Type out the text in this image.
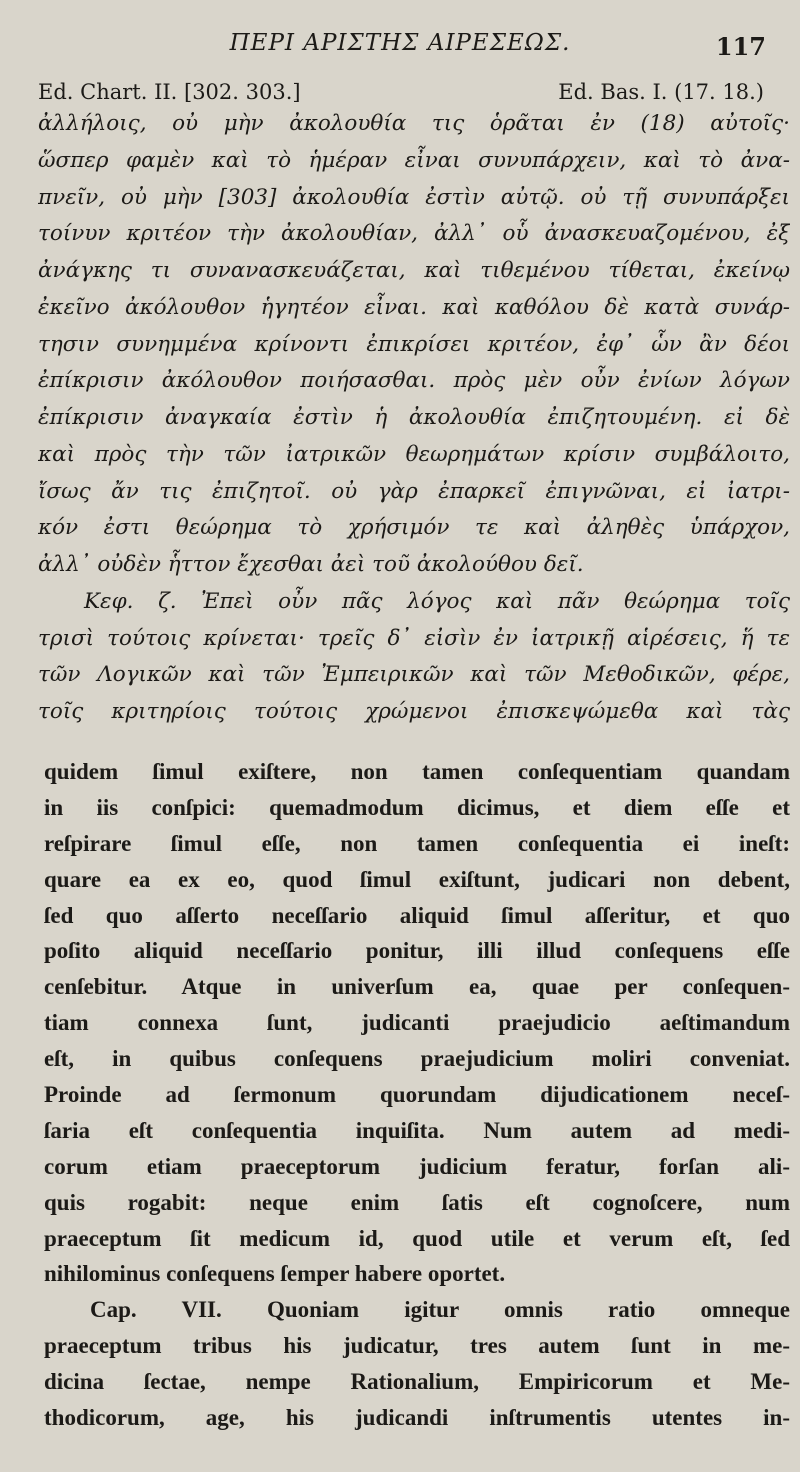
ΠΕΡΙ ΑΡΙΣΤΗΣ ΑΙΡΕΣΕΩΣ.	117
Ed. Chart. II. [302. 303.]	Ed. Bas. I. (17. 18.)
ἀλλήλοις, οὐ μὴν ἀκολουθία τις ὁρᾶται ἐν (18) αὐτοῖς·
ὥσπερ φαμὲν καὶ τὸ ἡμέραν εἶναι συνυπάρχειν, καὶ τὸ ἀνα-
πνεῖν, οὐ μὴν [303] ἀκολουθία ἐστὶν αὐτῷ. οὐ τῇ συνυπάρξει
τοίνυν κριτέον τὴν ἀκολουθίαν, ἀλλ᾽ οὗ ἀνασκευαζομένου, ἐξ
ἀνάγκης τι συνανασκευάζεται, καὶ τιθεμένου τίθεται, ἐκείνῳ
ἐκεῖνο ἀκόλουθον ἡγητέον εἶναι. καὶ καθόλου δὲ κατὰ συνάρ-
τησιν συνημμένα κρίνοντι ἐπικρίσει κριτέον, ἐφ᾽ ὧν ἂν δέοι
ἐπίκρισιν ἀκόλουθον ποιήσασθαι. πρὸς μὲν οὖν ἐνίων λόγων
ἐπίκρισιν ἀναγκαία ἐστὶν ἡ ἀκολουθία ἐπιζητουμένη. εἰ δὲ
καὶ πρὸς τὴν τῶν ἰατρικῶν θεωρημάτων κρίσιν συμβάλοιτο,
ἴσως ἄν τις ἐπιζητοῖ. οὐ γὰρ ἐπαρκεῖ ἐπιγνῶναι, εἰ ἰατρι-
κόν ἐστι θεώρημα τὸ χρήσιμόν τε καὶ ἀληθὲς ὑπάρχον,
ἀλλ᾽ οὐδὲν ἧττον ἔχεσθαι ἀεὶ τοῦ ἀκολούθου δεῖ.
Κεφ. ζ. Ἐπεὶ οὖν πᾶς λόγος καὶ πᾶν θεώρημα τοῖς
τρισὶ τούτοις κρίνεται· τρεῖς δ᾽ εἰσὶν ἐν ἰατρικῇ αἱρέσεις, ἥ τε
τῶν Λογικῶν καὶ τῶν Ἐμπειρικῶν καὶ τῶν Μεθοδικῶν, φέρε,
τοῖς κριτηρίοις τούτοις χρώμενοι ἐπισκεψώμεθα καὶ τὰς
quidem ſimul exiſtere, non tamen conſequentiam quandam
in iis conſpici: quemadmodum dicimus, et diem eſſe et
reſpirare ſimul eſſe, non tamen conſequentia ei ineſt:
quare ea ex eo, quod ſimul exiſtunt, judicari non debent,
ſed quo aſſerto neceſſario aliquid ſimul aſſeritur, et quo
poſito aliquid neceſſario ponitur, illi illud conſequens eſſe
cenſebitur. Atque in univerſum ea, quae per conſequen-
tiam connexa ſunt, judicanti praejudicio aeſtimandum
eſt, in quibus conſequens praejudicium moliri conveniat.
Proinde ad ſermonum quorundam dijudicationem neceſ-
ſaria eſt conſequentia inquiſita. Num autem ad medi-
corum etiam praeceptorum judicium feratur, forſan ali-
quis rogabit: neque enim ſatis eſt cognoſcere, num
praeceptum ſit medicum id, quod utile et verum eſt, ſed
nihilominus conſequens ſemper habere oportet.
Cap. VII. Quoniam igitur omnis ratio omneque
praeceptum tribus his judicatur, tres autem ſunt in me-
dicina ſectae, nempe Rationalium, Empiricorum et Me-
thodicorum, age, his judicandi inſtrumentis utentes in-
